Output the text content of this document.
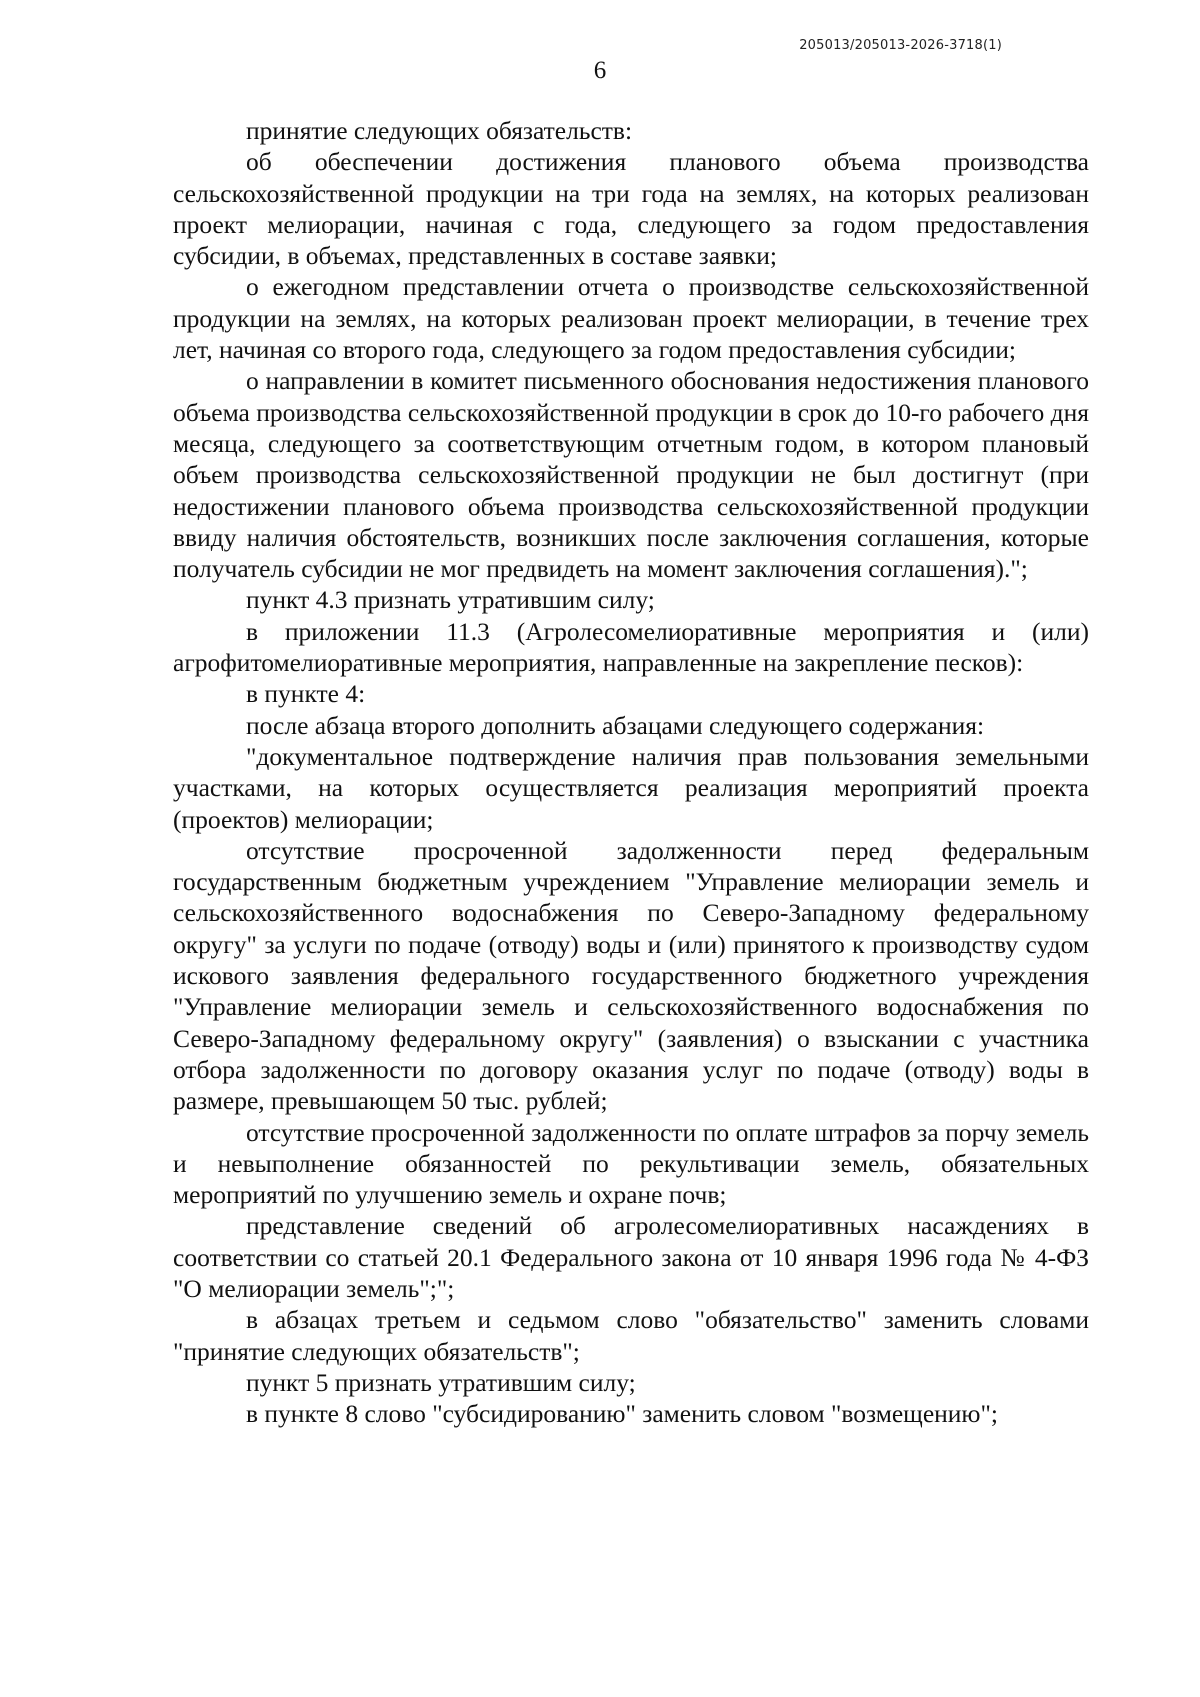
205013/205013-2026-3718(1)
6

принятие следующих обязательств:

об обеспечении достижения планового объема производства сельскохозяйственной продукции на три года на землях, на которых реализован проект мелиорации, начиная с года, следующего за годом предоставления субсидии, в объемах, представленных в составе заявки;

о ежегодном представлении отчета о производстве сельскохозяйственной продукции на землях, на которых реализован проект мелиорации, в течение трех лет, начиная со второго года, следующего за годом предоставления субсидии;

о направлении в комитет письменного обоснования недостижения планового объема производства сельскохозяйственной продукции в срок до 10-го рабочего дня месяца, следующего за соответствующим отчетным годом, в котором плановый объем производства сельскохозяйственной продукции не был достигнут (при недостижении планового объема производства сельскохозяйственной продукции ввиду наличия обстоятельств, возникших после заключения соглашения, которые получатель субсидии не мог предвидеть на момент заключения соглашения).";

пункт 4.3 признать утратившим силу;

в приложении 11.3 (Агролесомелиоративные мероприятия и (или) агрофитомелиоративные мероприятия, направленные на закрепление песков):

в пункте 4:

после абзаца второго дополнить абзацами следующего содержания:

"документальное подтверждение наличия прав пользования земельными участками, на которых осуществляется реализация мероприятий проекта (проектов) мелиорации;

отсутствие просроченной задолженности перед федеральным государственным бюджетным учреждением "Управление мелиорации земель и сельскохозяйственного водоснабжения по Северо-Западному федеральному округу" за услуги по подаче (отводу) воды и (или) принятого к производству судом искового заявления федерального государственного бюджетного учреждения "Управление мелиорации земель и сельскохозяйственного водоснабжения по Северо-Западному федеральному округу" (заявления) о взыскании с участника отбора задолженности по договору оказания услуг по подаче (отводу) воды в размере, превышающем 50 тыс. рублей;

отсутствие просроченной задолженности по оплате штрафов за порчу земель и невыполнение обязанностей по рекультивации земель, обязательных мероприятий по улучшению земель и охране почв;

представление сведений об агролесомелиоративных насаждениях в соответствии со статьей 20.1 Федерального закона от 10 января 1996 года № 4-ФЗ "О мелиорации земель";";

в абзацах третьем и седьмом слово "обязательство" заменить словами "принятие следующих обязательств";

пункт 5 признать утратившим силу;

в пункте 8 слово "субсидированию" заменить словом "возмещению";
